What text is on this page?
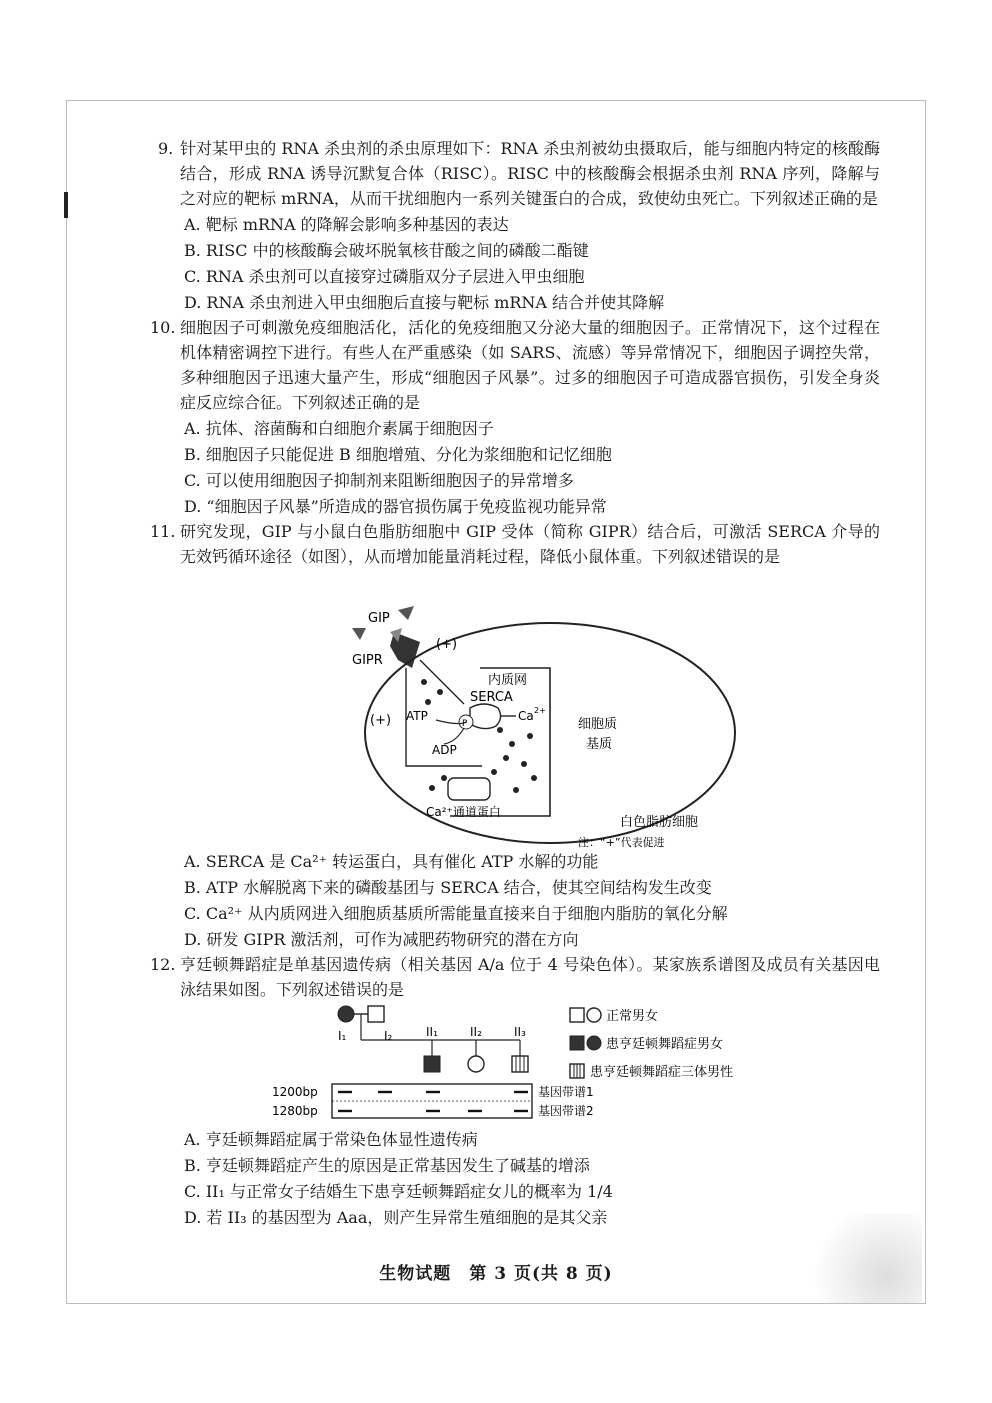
9. 针对某甲虫的 RNA 杀虫剂的杀虫原理如下：RNA 杀虫剂被幼虫摄取后，能与细胞内特定的核酸酶结合，形成 RNA 诱导沉默复合体（RISC）。RISC 中的核酸酶会根据杀虫剂 RNA 序列，降解与之对应的靶标 mRNA，从而干扰细胞内一系列关键蛋白的合成，致使幼虫死亡。下列叙述正确的是
A. 靶标 mRNA 的降解会影响多种基因的表达
B. RISC 中的核酸酶会破坏脱氧核苷酸之间的磷酸二酯键
C. RNA 杀虫剂可以直接穿过磷脂双分子层进入甲虫细胞
D. RNA 杀虫剂进入甲虫细胞后直接与靶标 mRNA 结合并使其降解
10. 细胞因子可刺激免疫细胞活化，活化的免疫细胞又分泌大量的细胞因子。正常情况下，这个过程在机体精密调控下进行。有些人在严重感染（如 SARS、流感）等异常情况下，细胞因子调控失常，多种细胞因子迅速大量产生，形成“细胞因子风暴”。过多的细胞因子可造成器官损伤，引发全身炎症反应综合征。下列叙述正确的是
A. 抗体、溶菌酶和白细胞介素属于细胞因子
B. 细胞因子只能促进 B 细胞增殖、分化为浆细胞和记忆细胞
C. 可以使用细胞因子抑制剂来阻断细胞因子的异常增多
D. “细胞因子风暴”所造成的器官损伤属于免疫监视功能异常
11. 研究发现，GIP 与小鼠白色脂肪细胞中 GIP 受体（简称 GIPR）结合后，可激活 SERCA 介导的无效钙循环途径（如图），从而增加能量消耗过程，降低小鼠体重。下列叙述错误的是
GIP
GIPR
内质网
SERCA
P
Ca 2+
(+)
(+) ATP
ADP
Ca²⁺通道蛋白
细胞质
基质
白色脂肪细胞
注：“+”代表促进
A. SERCA 是 Ca²⁺ 转运蛋白，具有催化 ATP 水解的功能
B. ATP 水解脱离下来的磷酸基团与 SERCA 结合，使其空间结构发生改变
C. Ca²⁺ 从内质网进入细胞质基质所需能量直接来自于细胞内脂肪的氧化分解
D. 研发 GIPR 激活剂，可作为减肥药物研究的潜在方向
12. 亨廷顿舞蹈症是单基因遗传病（相关基因 A/a 位于 4 号染色体）。某家族系谱图及成员有关基因电泳结果如图。下列叙述错误的是
I₁	I₂	II₁	II₂	II₃
1200bp
1280bp
基因带谱1
基因带谱2
正常男女
患亨廷顿舞蹈症男女
患亨廷顿舞蹈症三体男性
A. 亨廷顿舞蹈症属于常染色体显性遗传病
B. 亨廷顿舞蹈症产生的原因是正常基因发生了碱基的增添
C. II₁ 与正常女子结婚生下患亨廷顿舞蹈症女儿的概率为 1/4
D. 若 II₃ 的基因型为 Aaa，则产生异常生殖细胞的是其父亲
生物试题　第 3 页(共 8 页)
